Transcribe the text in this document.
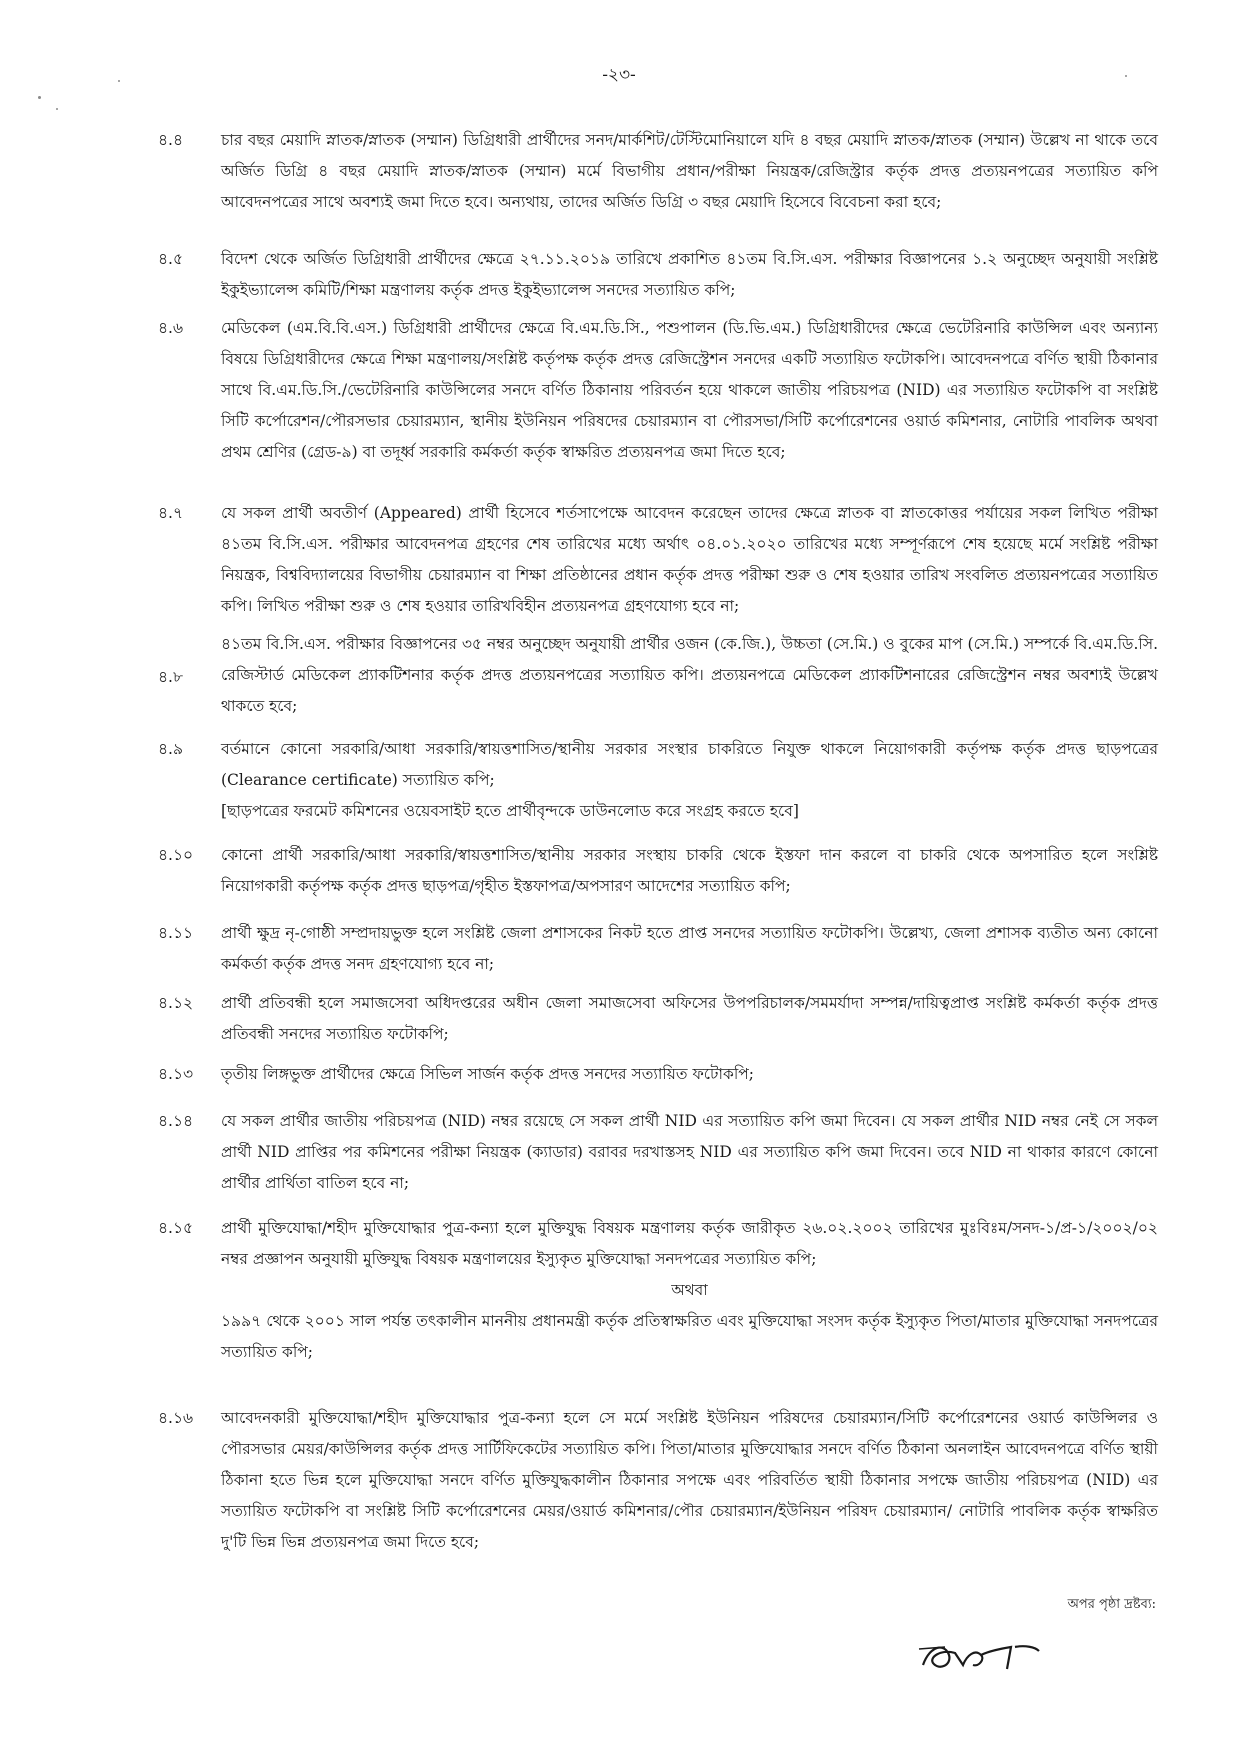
-২৩-
৪.৪	চার বছর মেয়াদি স্নাতক/স্নাতক (সম্মান) ডিগ্রিধারী প্রার্থীদের সনদ/মার্কশিট/টেস্টিমোনিয়ালে যদি ৪ বছর মেয়াদি স্নাতক/স্নাতক (সম্মান) উল্লেখ না থাকে তবে অর্জিত ডিগ্রি ৪ বছর মেয়াদি স্নাতক/স্নাতক (সম্মান) মর্মে বিভাগীয় প্রধান/পরীক্ষা নিয়ন্ত্রক/রেজিস্ট্রার কর্তৃক প্রদত্ত প্রত্যয়নপত্রের সত্যায়িত কপি আবেদনপত্রের সাথে অবশ্যই জমা দিতে হবে। অন্যথায়, তাদের অর্জিত ডিগ্রি ৩ বছর মেয়াদি হিসেবে বিবেচনা করা হবে;

৪.৫	বিদেশ থেকে অর্জিত ডিগ্রিধারী প্রার্থীদের ক্ষেত্রে ২৭.১১.২০১৯ তারিখে প্রকাশিত ৪১তম বি.সি.এস. পরীক্ষার বিজ্ঞাপনের ১.২ অনুচ্ছেদ অনুযায়ী সংশ্লিষ্ট ইকুইভ্যালেন্স কমিটি/শিক্ষা মন্ত্রণালয় কর্তৃক প্রদত্ত ইকুইভ্যালেন্স সনদের সত্যায়িত কপি;

৪.৬	মেডিকেল (এম.বি.বি.এস.) ডিগ্রিধারী প্রার্থীদের ক্ষেত্রে বি.এম.ডি.সি., পশুপালন (ডি.ভি.এম.) ডিগ্রিধারীদের ক্ষেত্রে ভেটেরিনারি কাউন্সিল এবং অন্যান্য বিষয়ে ডিগ্রিধারীদের ক্ষেত্রে শিক্ষা মন্ত্রণালয়/সংশ্লিষ্ট কর্তৃপক্ষ কর্তৃক প্রদত্ত রেজিস্ট্রেশন সনদের একটি সত্যায়িত ফটোকপি। আবেদনপত্রে বর্ণিত স্থায়ী ঠিকানার সাথে বি.এম.ডি.সি./ভেটেরিনারি কাউন্সিলের সনদে বর্ণিত ঠিকানায় পরিবর্তন হয়ে থাকলে জাতীয় পরিচয়পত্র (NID) এর সত্যায়িত ফটোকপি বা সংশ্লিষ্ট সিটি কর্পোরেশন/পৌরসভার চেয়ারম্যান, স্থানীয় ইউনিয়ন পরিষদের চেয়ারম্যান বা পৌরসভা/সিটি কর্পোরেশনের ওয়ার্ড কমিশনার, নোটারি পাবলিক অথবা প্রথম শ্রেণির (গ্রেড-৯) বা তদূর্ধ্ব সরকারি কর্মকর্তা কর্তৃক স্বাক্ষরিত প্রত্যয়নপত্র জমা দিতে হবে;

৪.৭	যে সকল প্রার্থী অবতীর্ণ (Appeared) প্রার্থী হিসেবে শর্তসাপেক্ষে আবেদন করেছেন তাদের ক্ষেত্রে স্নাতক বা স্নাতকোত্তর পর্যায়ের সকল লিখিত পরীক্ষা ৪১তম বি.সি.এস. পরীক্ষার আবেদনপত্র গ্রহণের শেষ তারিখের মধ্যে অর্থাৎ ০৪.০১.২০২০ তারিখের মধ্যে সম্পূর্ণরূপে শেষ হয়েছে মর্মে সংশ্লিষ্ট পরীক্ষা নিয়ন্ত্রক, বিশ্ববিদ্যালয়ের বিভাগীয় চেয়ারম্যান বা শিক্ষা প্রতিষ্ঠানের প্রধান কর্তৃক প্রদত্ত পরীক্ষা শুরু ও শেষ হওয়ার তারিখ সংবলিত প্রত্যয়নপত্রের সত্যায়িত কপি। লিখিত পরীক্ষা শুরু ও শেষ হওয়ার তারিখবিহীন প্রত্যয়নপত্র গ্রহণযোগ্য হবে না;

৪.৮

৪১তম বি.সি.এস. পরীক্ষার বিজ্ঞাপনের ৩৫ নম্বর অনুচ্ছেদ অনুযায়ী প্রার্থীর ওজন (কে.জি.), উচ্চতা (সে.মি.) ও বুকের মাপ (সে.মি.) সম্পর্কে বি.এম.ডি.সি. রেজিস্টার্ড মেডিকেল প্র্যাকটিশনার কর্তৃক প্রদত্ত প্রত্যয়নপত্রের সত্যায়িত কপি। প্রত্যয়নপত্রে মেডিকেল প্র্যাকটিশনারের রেজিস্ট্রেশন নম্বর অবশ্যই উল্লেখ থাকতে হবে;

৪.৯	বর্তমানে কোনো সরকারি/আধা সরকারি/স্বায়ত্তশাসিত/স্থানীয় সরকার সংস্থার চাকরিতে নিযুক্ত থাকলে নিয়োগকারী কর্তৃপক্ষ কর্তৃক প্রদত্ত ছাড়পত্রের (Clearance certificate) সত্যায়িত কপি;

[ছাড়পত্রের ফরমেট কমিশনের ওয়েবসাইট হতে প্রার্থীবৃন্দকে ডাউনলোড করে সংগ্রহ করতে হবে]

৪.১০	কোনো প্রার্থী সরকারি/আধা সরকারি/স্বায়ত্তশাসিত/স্থানীয় সরকার সংস্থায় চাকরি থেকে ইস্তফা দান করলে বা চাকরি থেকে অপসারিত হলে সংশ্লিষ্ট নিয়োগকারী কর্তৃপক্ষ কর্তৃক প্রদত্ত ছাড়পত্র/গৃহীত ইস্তফাপত্র/অপসারণ আদেশের সত্যায়িত কপি;

৪.১১	প্রার্থী ক্ষুদ্র নৃ-গোষ্ঠী সম্প্রদায়ভুক্ত হলে সংশ্লিষ্ট জেলা প্রশাসকের নিকট হতে প্রাপ্ত সনদের সত্যায়িত ফটোকপি। উল্লেখ্য, জেলা প্রশাসক ব্যতীত অন্য কোনো কর্মকর্তা কর্তৃক প্রদত্ত সনদ গ্রহণযোগ্য হবে না;

৪.১২	প্রার্থী প্রতিবন্ধী হলে সমাজসেবা অধিদপ্তরের অধীন জেলা সমাজসেবা অফিসের উপপরিচালক/সমমর্যাদা সম্পন্ন/দায়িত্বপ্রাপ্ত সংশ্লিষ্ট কর্মকর্তা কর্তৃক প্রদত্ত প্রতিবন্ধী সনদের সত্যায়িত ফটোকপি;

৪.১৩	তৃতীয় লিঙ্গভুক্ত প্রার্থীদের ক্ষেত্রে সিভিল সার্জন কর্তৃক প্রদত্ত সনদের সত্যায়িত ফটোকপি;

৪.১৪	যে সকল প্রার্থীর জাতীয় পরিচয়পত্র (NID) নম্বর রয়েছে সে সকল প্রার্থী NID এর সত্যায়িত কপি জমা দিবেন। যে সকল প্রার্থীর NID নম্বর নেই সে সকল প্রার্থী NID প্রাপ্তির পর কমিশনের পরীক্ষা নিয়ন্ত্রক (ক্যাডার) বরাবর দরখাস্তসহ NID এর সত্যায়িত কপি জমা দিবেন। তবে NID না থাকার কারণে কোনো প্রার্থীর প্রার্থিতা বাতিল হবে না;

৪.১৫	প্রার্থী মুক্তিযোদ্ধা/শহীদ মুক্তিযোদ্ধার পুত্র-কন্যা হলে মুক্তিযুদ্ধ বিষয়ক মন্ত্রণালয় কর্তৃক জারীকৃত ২৬.০২.২০০২ তারিখের মুঃবিঃম/সনদ-১/প্র-১/২০০২/০২ নম্বর প্রজ্ঞাপন অনুযায়ী মুক্তিযুদ্ধ বিষয়ক মন্ত্রণালয়ের ইস্যুকৃত মুক্তিযোদ্ধা সনদপত্রের সত্যায়িত কপি;

অথবা

১৯৯৭ থেকে ২০০১ সাল পর্যন্ত তৎকালীন মাননীয় প্রধানমন্ত্রী কর্তৃক প্রতিস্বাক্ষরিত এবং মুক্তিযোদ্ধা সংসদ কর্তৃক ইস্যুকৃত পিতা/মাতার মুক্তিযোদ্ধা সনদপত্রের সত্যায়িত কপি;

৪.১৬	আবেদনকারী মুক্তিযোদ্ধা/শহীদ মুক্তিযোদ্ধার পুত্র-কন্যা হলে সে মর্মে সংশ্লিষ্ট ইউনিয়ন পরিষদের চেয়ারম্যান/সিটি কর্পোরেশনের ওয়ার্ড কাউন্সিলর ও পৌরসভার মেয়র/কাউন্সিলর কর্তৃক প্রদত্ত সার্টিফিকেটের সত্যায়িত কপি। পিতা/মাতার মুক্তিযোদ্ধার সনদে বর্ণিত ঠিকানা অনলাইন আবেদনপত্রে বর্ণিত স্থায়ী ঠিকানা হতে ভিন্ন হলে মুক্তিযোদ্ধা সনদে বর্ণিত মুক্তিযুদ্ধকালীন ঠিকানার সপক্ষে এবং পরিবর্তিত স্থায়ী ঠিকানার সপক্ষে জাতীয় পরিচয়পত্র (NID) এর সত্যায়িত ফটোকপি বা সংশ্লিষ্ট সিটি কর্পোরেশনের মেয়র/ওয়ার্ড কমিশনার/পৌর চেয়ারম্যান/ইউনিয়ন পরিষদ চেয়ারম্যান/ নোটারি পাবলিক কর্তৃক স্বাক্ষরিত দু'টি ভিন্ন ভিন্ন প্রত্যয়নপত্র জমা দিতে হবে;

অপর পৃষ্ঠা দ্রষ্টব্য:
